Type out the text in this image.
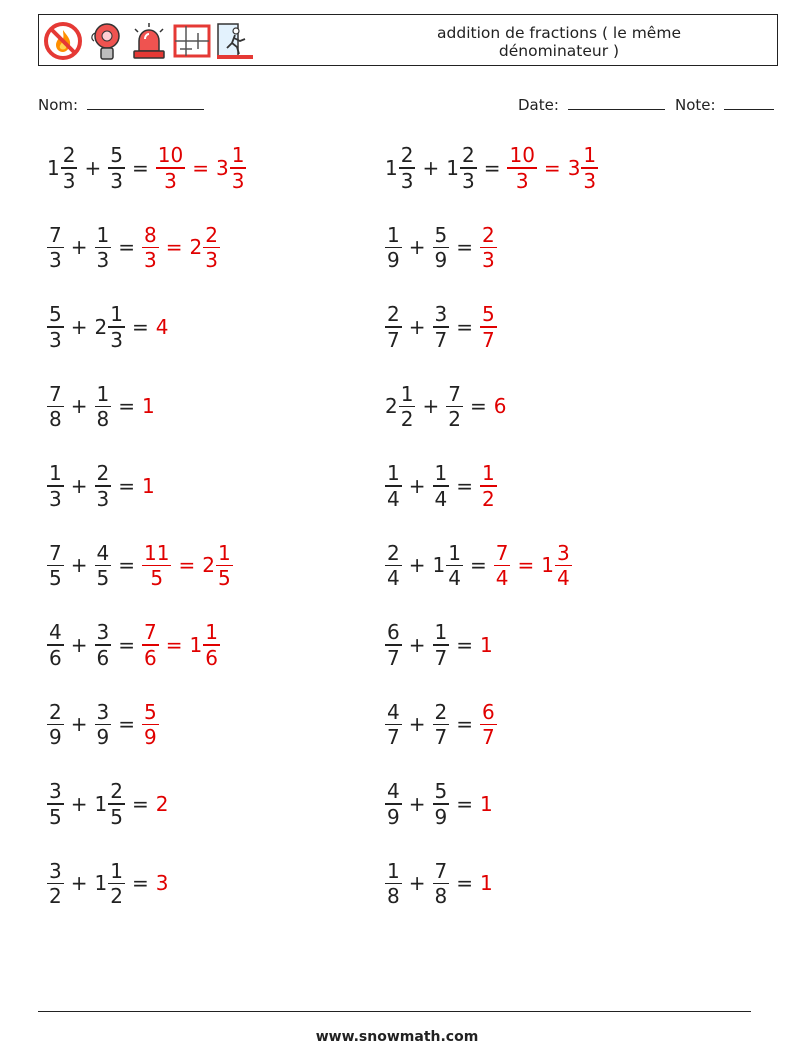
addition de fractions ( le même
dénominateur )
Nom:	Date:	Note:
$1 \frac{2}{3} + \frac{5}{3} = \frac{10}{3} = 3 \frac{1}{3}$
$\frac{7}{3} + \frac{1}{3} = \frac{8}{3} = 2 \frac{2}{3}$
$\frac{5}{3} + 2 \frac{1}{3} = 4$
$\frac{7}{8} + \frac{1}{8} = 1$
$\frac{1}{3} + \frac{2}{3} = 1$
$\frac{7}{5} + \frac{4}{5} = \frac{11}{5} = 2 \frac{1}{5}$
$\frac{4}{6} + \frac{3}{6} = \frac{7}{6} = 1 \frac{1}{6}$
$\frac{2}{9} + \frac{3}{9} = \frac{5}{9}$
$\frac{3}{5} + 1 \frac{2}{5} = 2$
$\frac{3}{2} + 1 \frac{1}{2} = 3$
$1 \frac{2}{3} + 1 \frac{2}{3} = \frac{10}{3} = 3 \frac{1}{3}$
$\frac{1}{9} + \frac{5}{9} = \frac{2}{3}$
$\frac{2}{7} + \frac{3}{7} = \frac{5}{7}$
$2 \frac{1}{2} + \frac{7}{2} = 6$
$\frac{1}{4} + \frac{1}{4} = \frac{1}{2}$
$\frac{2}{4} + 1 \frac{1}{4} = \frac{7}{4} = 1 \frac{3}{4}$
$\frac{6}{7} + \frac{1}{7} = 1$
$\frac{4}{7} + \frac{2}{7} = \frac{6}{7}$
$\frac{4}{9} + \frac{5}{9} = 1$
$\frac{1}{8} + \frac{7}{8} = 1$
www.snowmath.com
